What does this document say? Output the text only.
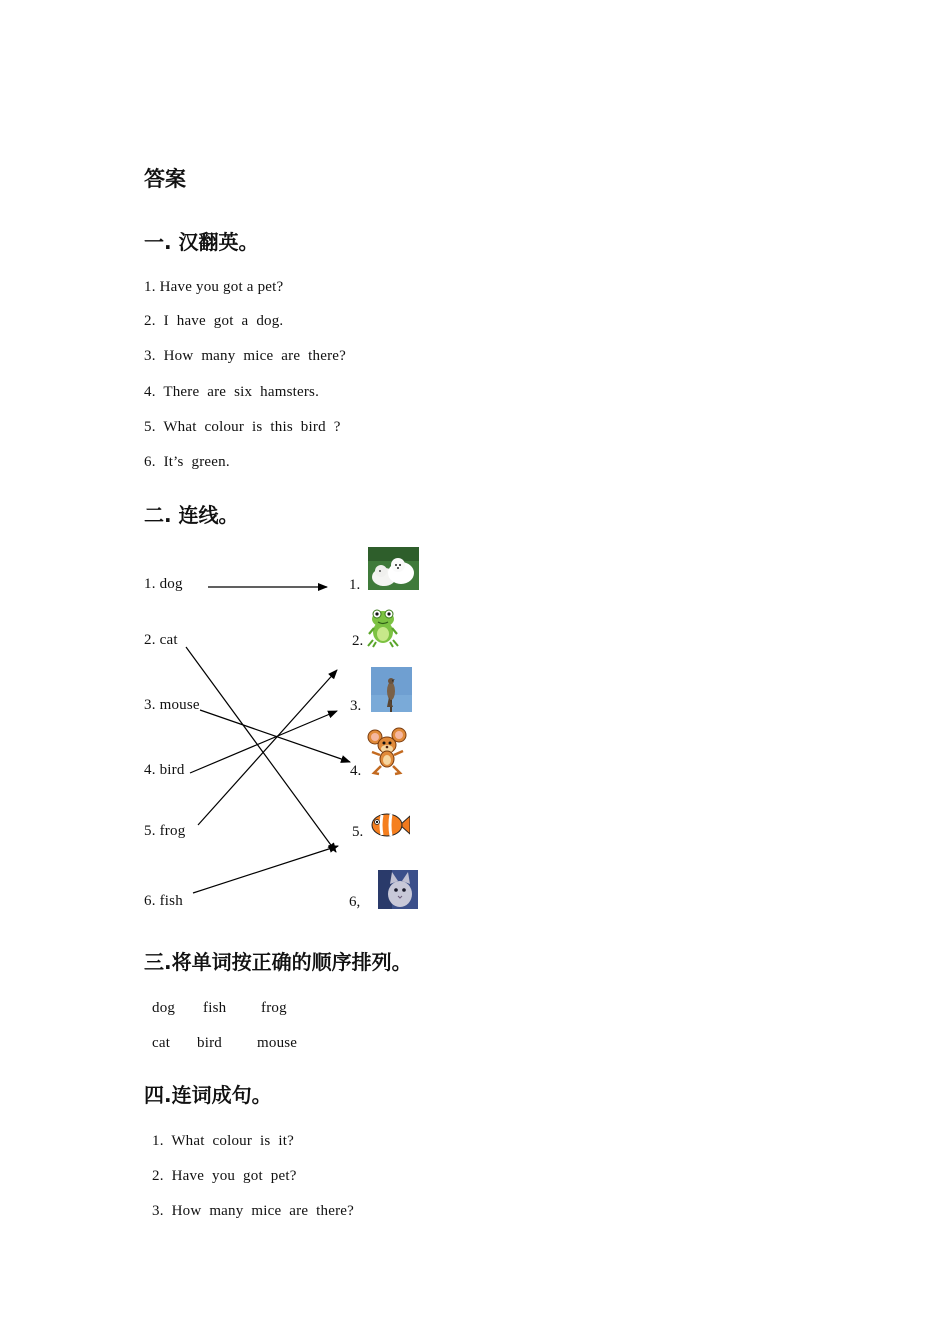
答案
一. 汉翻英。
1. Have you got a pet?
2. I have got a dog.
3. How many mice are there?
4. There are six hamsters.
5. What colour is this bird ?
6. It’s green.
二. 连线。
1. dog
2. cat
3. mouse
4. bird
5. frog
6. fish
1.
2.
3.
4.
5.
6,
三.将单词按正确的顺序排列。
dog fish frog
cat bird mouse
四.连词成句。
1. What colour is it?
2. Have you got pet?
3. How many mice are there?
